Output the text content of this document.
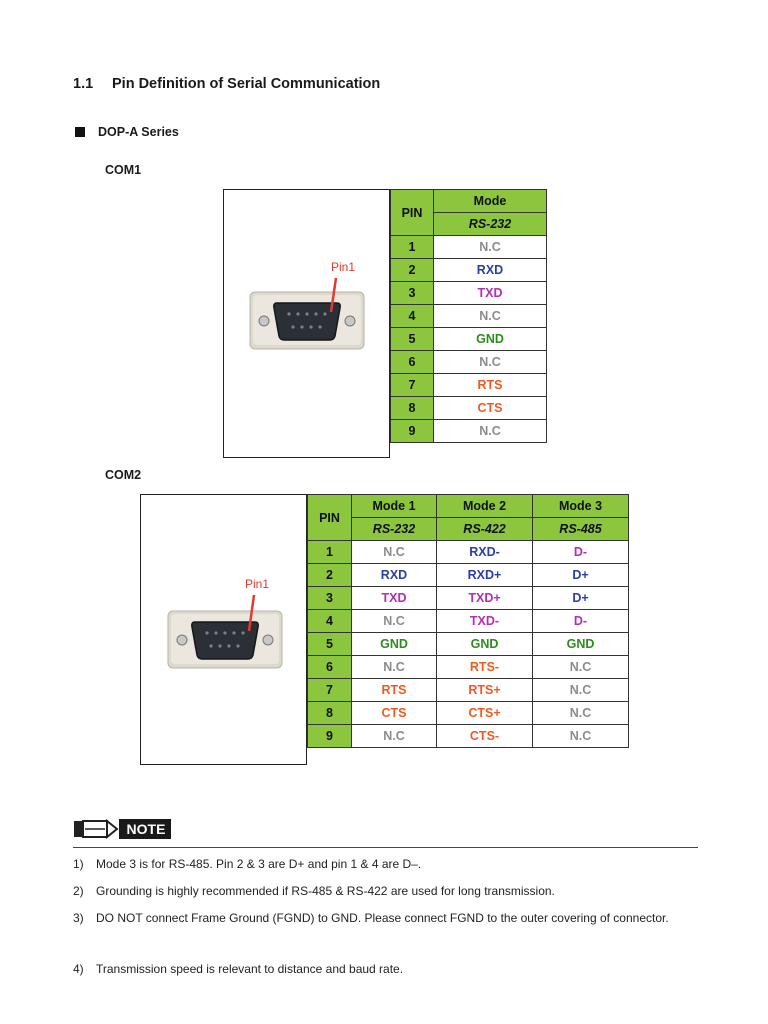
1.1 Pin Definition of Serial Communication
DOP-A Series
COM1
Pin1
PIN	Mode
	RS-232
1	N.C
2	RXD
3	TXD
4	N.C
5	GND
6	N.C
7	RTS
8	CTS
9	N.C
COM2
Pin1
PIN	Mode 1	Mode 2	Mode 3
	RS-232	RS-422	RS-485
1	N.C	RXD-	D-
2	RXD	RXD+	D+
3	TXD	TXD+	D+
4	N.C	TXD-	D-
5	GND	GND	GND
6	N.C	RTS-	N.C
7	RTS	RTS+	N.C
8	CTS	CTS+	N.C
9	N.C	CTS-	N.C
NOTE
1) Mode 3 is for RS-485. Pin 2 & 3 are D+ and pin 1 & 4 are D–.
2) Grounding is highly recommended if RS-485 & RS-422 are used for long transmission.
3) DO NOT connect Frame Ground (FGND) to GND. Please connect FGND to the outer covering of connector.
4) Transmission speed is relevant to distance and baud rate.
